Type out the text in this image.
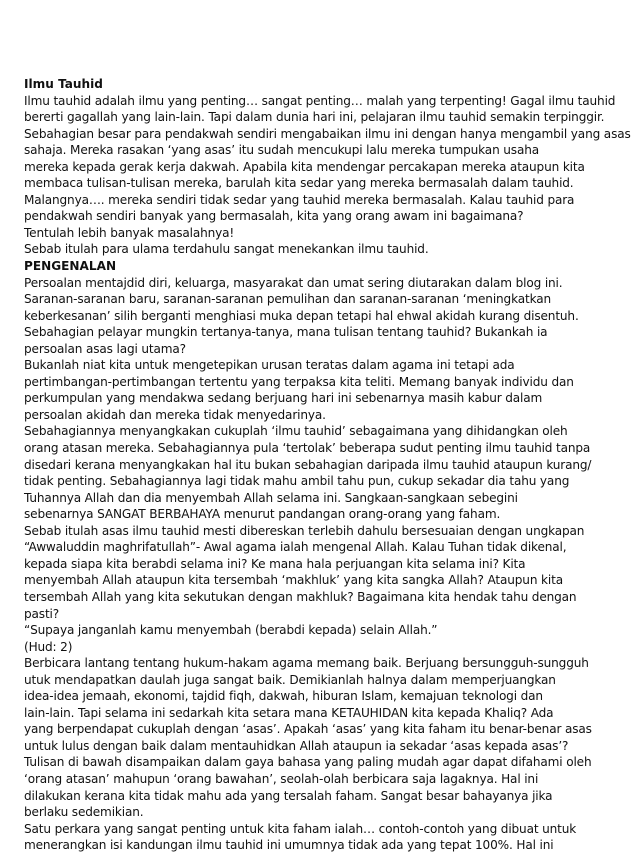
Ilmu Tauhid
Ilmu tauhid adalah ilmu yang penting… sangat penting… malah yang terpenting! Gagal ilmu tauhid
bererti gagallah yang lain-lain. Tapi dalam dunia hari ini, pelajaran ilmu tauhid semakin terpinggir.
Sebahagian besar para pendakwah sendiri mengabaikan ilmu ini dengan hanya mengambil yang asas
sahaja. Mereka rasakan ‘yang asas’ itu sudah mencukupi lalu mereka tumpukan usaha
mereka kepada gerak kerja dakwah. Apabila kita mendengar percakapan mereka ataupun kita
membaca tulisan-tulisan mereka, barulah kita sedar yang mereka bermasalah dalam tauhid.
Malangnya…. mereka sendiri tidak sedar yang tauhid mereka bermasalah. Kalau tauhid para
pendakwah sendiri banyak yang bermasalah, kita yang orang awam ini bagaimana?
Tentulah lebih banyak masalahnya!
Sebab itulah para ulama terdahulu sangat menekankan ilmu tauhid.
PENGENALAN
Persoalan mentajdid diri, keluarga, masyarakat dan umat sering diutarakan dalam blog ini.
Saranan-saranan baru, saranan-saranan pemulihan dan saranan-saranan ‘meningkatkan
keberkesanan’ silih berganti menghiasi muka depan tetapi hal ehwal akidah kurang disentuh.
Sebahagian pelayar mungkin tertanya-tanya, mana tulisan tentang tauhid? Bukankah ia
persoalan asas lagi utama?
Bukanlah niat kita untuk mengetepikan urusan teratas dalam agama ini tetapi ada
pertimbangan-pertimbangan tertentu yang terpaksa kita teliti. Memang banyak individu dan
perkumpulan yang mendakwa sedang berjuang hari ini sebenarnya masih kabur dalam
persoalan akidah dan mereka tidak menyedarinya.
Sebahagiannya menyangkakan cukuplah ‘ilmu tauhid’ sebagaimana yang dihidangkan oleh
orang atasan mereka. Sebahagiannya pula ‘tertolak’ beberapa sudut penting ilmu tauhid tanpa
disedari kerana menyangkakan hal itu bukan sebahagian daripada ilmu tauhid ataupun kurang/
tidak penting. Sebahagiannya lagi tidak mahu ambil tahu pun, cukup sekadar dia tahu yang
Tuhannya Allah dan dia menyembah Allah selama ini. Sangkaan-sangkaan sebegini
sebenarnya SANGAT BERBAHAYA menurut pandangan orang-orang yang faham.
Sebab itulah asas ilmu tauhid mesti dibereskan terlebih dahulu bersesuaian dengan ungkapan
“Awwaluddin maghrifatullah”- Awal agama ialah mengenal Allah. Kalau Tuhan tidak dikenal,
kepada siapa kita berabdi selama ini? Ke mana hala perjuangan kita selama ini? Kita
menyembah Allah ataupun kita tersembah ‘makhluk’ yang kita sangka Allah? Ataupun kita
tersembah Allah yang kita sekutukan dengan makhluk? Bagaimana kita hendak tahu dengan
pasti?
“Supaya janganlah kamu menyembah (berabdi kepada) selain Allah.”
(Hud: 2)
Berbicara lantang tentang hukum-hakam agama memang baik. Berjuang bersungguh-sungguh
utuk mendapatkan daulah juga sangat baik. Demikianlah halnya dalam memperjuangkan
idea-idea jemaah, ekonomi, tajdid fiqh, dakwah, hiburan Islam, kemajuan teknologi dan
lain-lain. Tapi selama ini sedarkah kita setara mana KETAUHIDAN kita kepada Khaliq? Ada
yang berpendapat cukuplah dengan ‘asas’. Apakah ‘asas’ yang kita faham itu benar-benar asas
untuk lulus dengan baik dalam mentauhidkan Allah ataupun ia sekadar ‘asas kepada asas’?
Tulisan di bawah disampaikan dalam gaya bahasa yang paling mudah agar dapat difahami oleh
‘orang atasan’ mahupun ‘orang bawahan’, seolah-olah berbicara saja lagaknya. Hal ini
dilakukan kerana kita tidak mahu ada yang tersalah faham. Sangat besar bahayanya jika
berlaku sedemikian.
Satu perkara yang sangat penting untuk kita faham ialah… contoh-contoh yang dibuat untuk
menerangkan isi kandungan ilmu tauhid ini umumnya tidak ada yang tepat 100%. Hal ini
